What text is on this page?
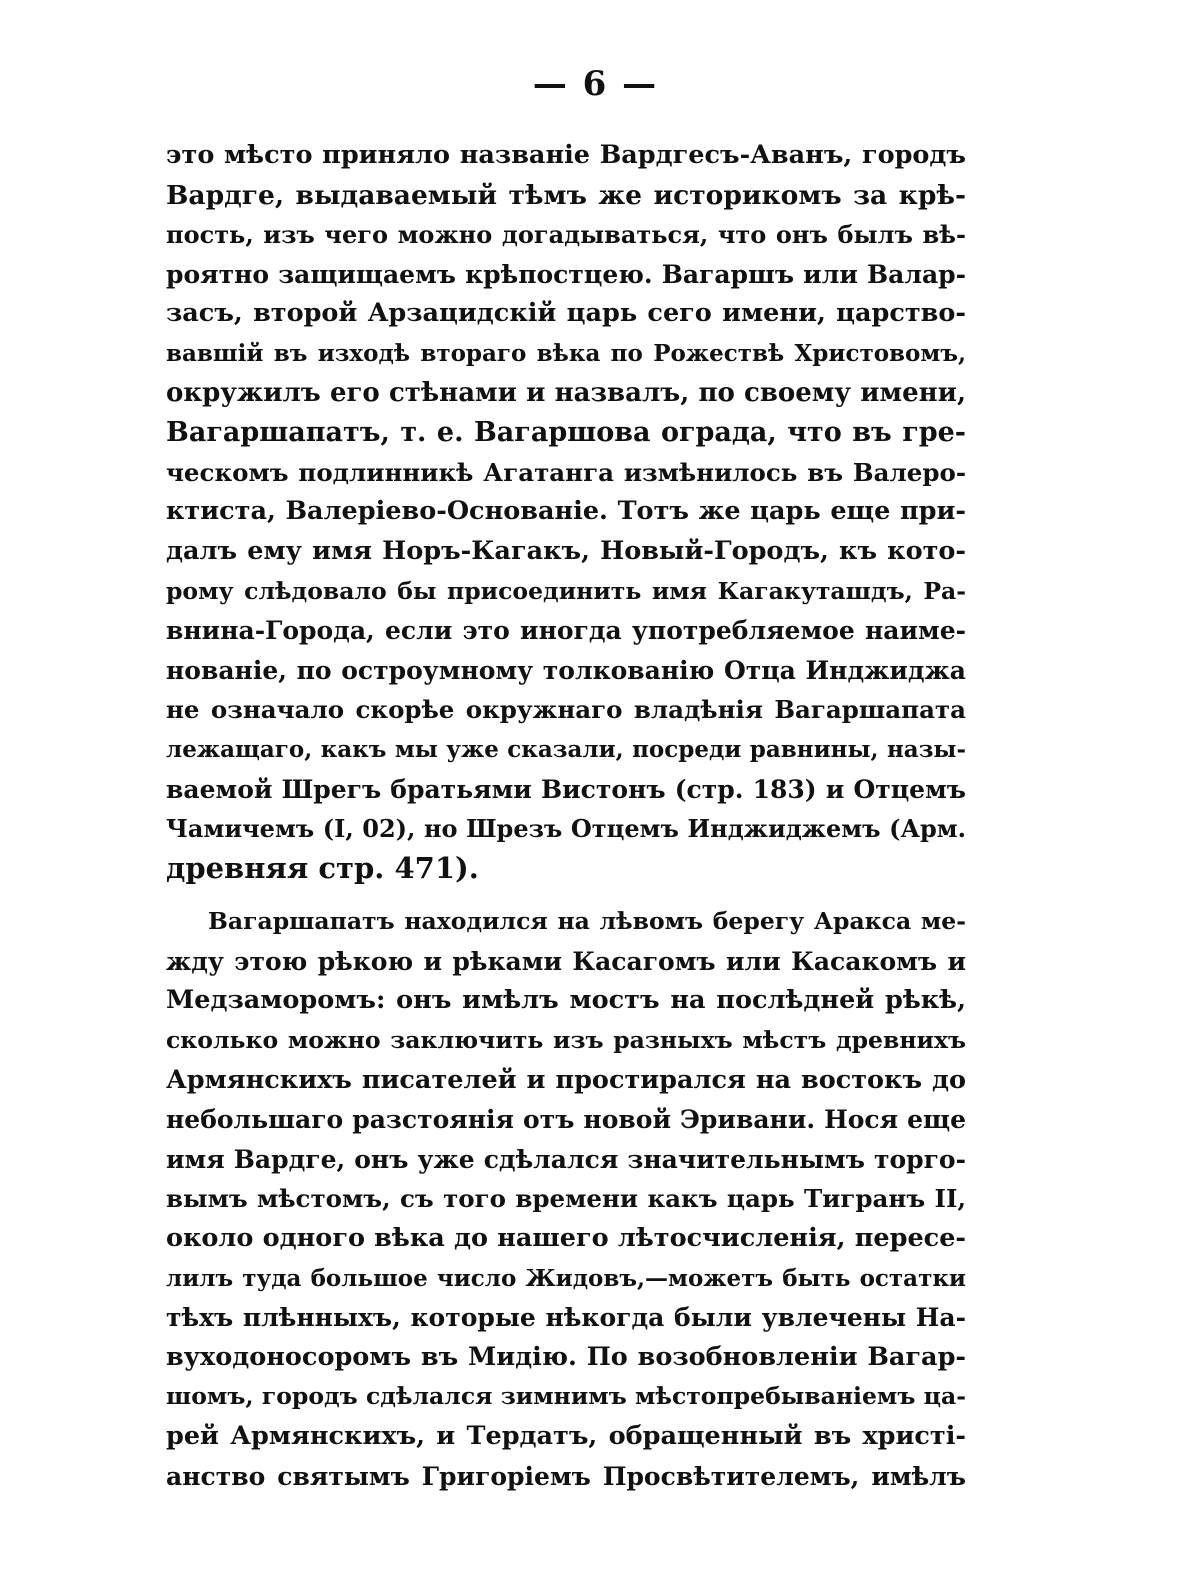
— 6 —
это мѣсто приняло названіе Вардгесъ-Аванъ, городъ
Вардге, выдаваемый тѣмъ же историкомъ за крѣ-
пость, изъ чего можно догадываться, что онъ былъ вѣ-
роятно защищаемъ крѣпостцею. Вагаршъ или Валар-
засъ, второй Арзацидскій царь сего имени, царство-
вавшій въ изходѣ втораго вѣка по Рожествѣ Христовомъ,
окружилъ его стѣнами и назвалъ, по своему имени,
Вагаршапатъ, т. е. Вагаршова ограда, что въ гре-
ческомъ подлинникѣ Агатанга измѣнилось въ Валеро-
ктиста, Валеріево-Основаніе. Тотъ же царь еще при-
далъ ему имя Норъ-Кагакъ, Новый-Городъ, къ кото-
рому слѣдовало бы присоединить имя Кагакуташдъ, Ра-
внина-Города, если это иногда употребляемое наиме-
нованіе, по остроумному толкованію Отца Инджиджа
не означало скорѣе окружнаго владѣнія Вагаршапата
лежащаго, какъ мы уже сказали, посреди равнины, назы-
ваемой Шрегъ братьями Вистонъ (стр. 183) и Отцемъ
Чамичемъ (I, 02), но Шрезъ Отцемъ Инджиджемъ (Арм.
древняя стр. 471).
Вагаршапатъ находился на лѣвомъ берегу Аракса ме-
жду этою рѣкою и рѣками Касагомъ или Касакомъ и
Медзаморомъ: онъ имѣлъ мостъ на послѣдней рѣкѣ,
сколько можно заключить изъ разныхъ мѣстъ древнихъ
Армянскихъ писателей и простирался на востокъ до
небольшаго разстоянія отъ новой Эривани. Нося еще
имя Вардге, онъ уже сдѣлался значительнымъ торго-
вымъ мѣстомъ, съ того времени какъ царь Тигранъ II,
около одного вѣка до нашего лѣтосчисленія, пересе-
лилъ туда большое число Жидовъ,—можетъ быть остатки
тѣхъ плѣнныхъ, которые нѣкогда были увлечены На-
вуходоносоромъ въ Мидію. По возобновленіи Вагар-
шомъ, городъ сдѣлался зимнимъ мѣстопребываніемъ ца-
рей Армянскихъ, и Тердатъ, обращенный въ христі-
анство святымъ Григоріемъ Просвѣтителемъ, имѣлъ
